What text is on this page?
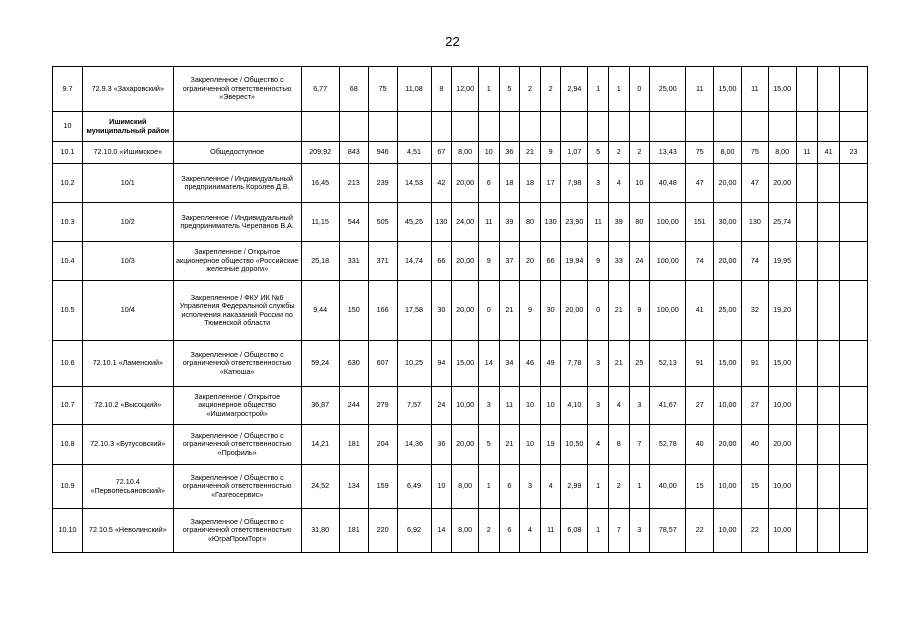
22
9.7	72.9.3 «Захаровский»	Закрепленное / Общество с ограниченной ответственностью «Эверест»	6,77	68	75	11,08	8	12,00	1	5	2	2	2,94	1	1	0	25,00	11	15,00	11	15,00			
10	Ишимский муниципальный район																							
10.1	72.10.0 «Ишимское»	Общедоступное	209,92	843	946	4,51	67	8,00	10	36	21	9	1,07	5	2	2	13,43	75	8,00	75	8,00	11	41	23
10.2	10/1	Закрепленное / Индивидуальный предприниматель Королев Д.В.	16,45	213	239	14,53	42	20,00	6	18	18	17	7,98	3	4	10	40,48	47	20,00	47	20,00			
10.3	10/2	Закрепленное / Индивидуальный предприниматель Черепанов В.А.	11,15	544	505	45,25	130	24,00	11	39	80	130	23,90	11	39	80	100,00	151	30,00	130	25,74			
10.4	10/3	Закрепленное / Открытое акционерное общество «Российские железные дороги»	25,18	331	371	14,74	66	20,00	9	37	20	66	19,94	9	33	24	100,00	74	20,00	74	19,95			
10.5	10/4	Закрепленное / ФКУ ИК №6 Управления Федеральной службы исполнения наказаний России по Тюменской области	9,44	150	166	17,58	30	20,00	0	21	9	30	20,00	0	21	9	100,00	41	25,00	32	19,20			
10.6	72.10.1 «Ламенский»	Закрепленное / Общество с ограниченной ответственностью «Катюша»	59,24	630	607	10,25	94	15,00	14	34	46	49	7,78	3	21	25	52,13	91	15,00	91	15,00			
10.7	72.10.2 «Высоцкий»	Закрепленное / Открытое акционерное общество «Ишимагрострой»	36,87	244	279	7,57	24	10,00	3	11	10	10	4,10	3	4	3	41,67	27	10,00	27	10,00			
10.8	72.10.3 «Бутусовский»	Закрепленное / Общество с ограниченной ответственностью «Профиль»	14,21	181	204	14,36	36	20,00	5	21	10	19	10,50	4	8	7	52,78	40	20,00	40	20,00			
10.9	72.10.4 «Первопесьяновский»	Закрепленное / Общество с ограниченной ответственностью «Газгеосервис»	24,52	134	159	6,49	10	8,00	1	6	3	4	2,99	1	2	1	40,00	15	10,00	15	10,00			
10.10	72.10.5 «Неволинский»	Закрепленное / Общество с ограниченной ответственностью «ЮграПромТорг»	31,80	181	220	6,92	14	8,00	2	6	4	11	6,08	1	7	3	78,57	22	10,00	22	10,00			
